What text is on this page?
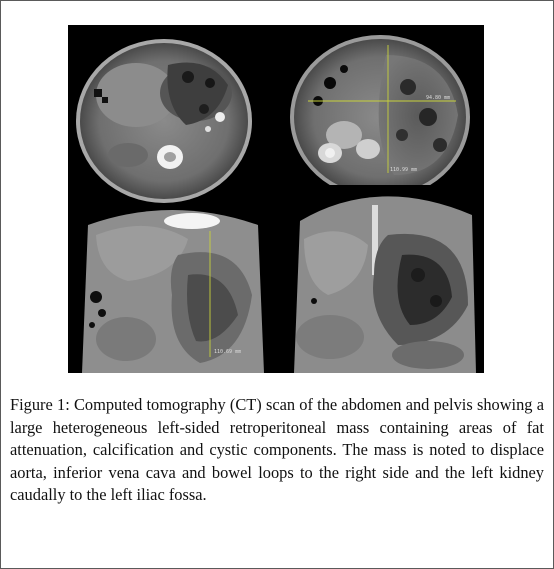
94.80 mm
110.99 mm
110.69 mm
Figure 1: Computed tomography (CT) scan of the abdomen and pelvis showing a large heterogeneous left-sided retroperitoneal mass containing areas of fat attenuation, calcification and cystic components. The mass is noted to displace aorta, inferior vena cava and bowel loops to the right side and the left kidney caudally to the left iliac fossa.
